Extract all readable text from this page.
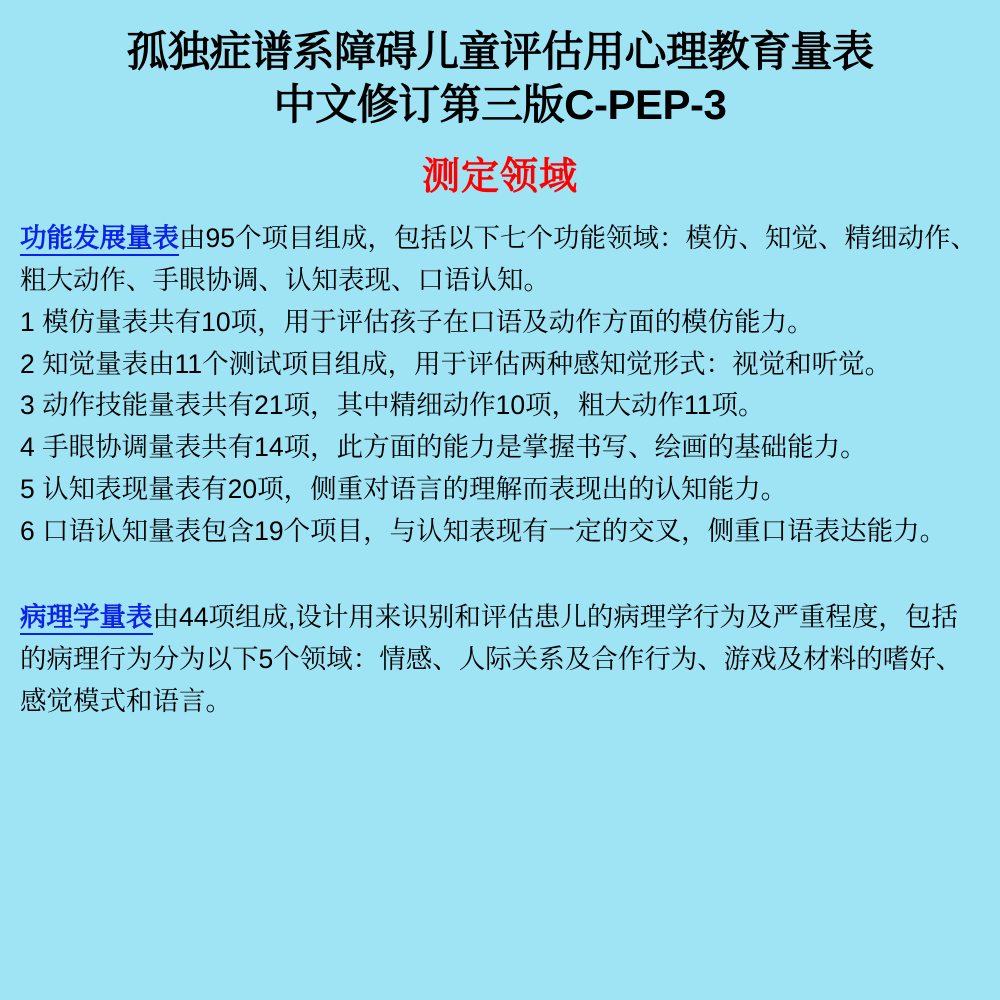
孤独症谱系障碍儿童评估用心理教育量表
中文修订第三版C-PEP-3
测定领域

功能发展量表由95个项目组成，包括以下七个功能领域：模仿、知觉、精细动作、粗大动作、手眼协调、认知表现、口语认知。

1 模仿量表共有10项，用于评估孩子在口语及动作方面的模仿能力。

2 知觉量表由11个测试项目组成，用于评估两种感知觉形式：视觉和听觉。

3 动作技能量表共有21项，其中精细动作10项，粗大动作11项。

4 手眼协调量表共有14项，此方面的能力是掌握书写、绘画的基础能力。

5 认知表现量表有20项，侧重对语言的理解而表现出的认知能力。

6 口语认知量表包含19个项目，与认知表现有一定的交叉，侧重口语表达能力。

病理学量表由44项组成,设计用来识别和评估患儿的病理学行为及严重程度，包括的病理行为分为以下5个领域：情感、人际关系及合作行为、游戏及材料的嗜好、感觉模式和语言。
